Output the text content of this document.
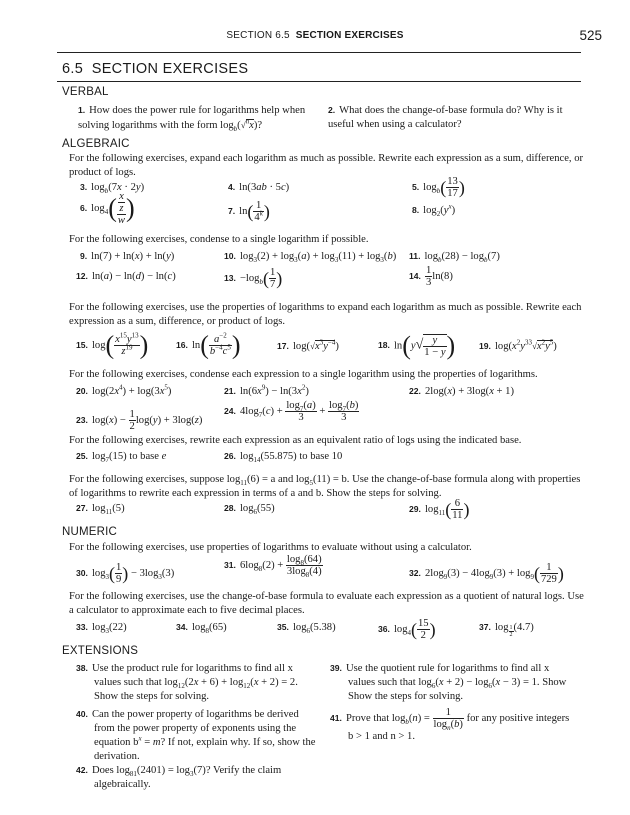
SECTION 6.5 SECTION EXERCISES	525
6.5 SECTION EXERCISES
VERBAL
1. How does the power rule for logarithms help when solving logarithms with the form $\log_b(√^nx)$?
2. What does the change-of-base formula do? Why is it useful when using a calculator?
ALGEBRAIC
For the following exercises, expand each logarithm as much as possible. Rewrite each expression as a sum, difference, or product of logs.
3. $\log_b(7x \cdot 2y)$	4. ln(3ab · 5c)	5. $\log_b( \frac{13}{17}$ )
6. $\log_4( \frac{\frac{x}{z}}{w}$ )	7. $\ln( \frac{1}{4^k}$ )	8. $\log_2(y^x)$
For the following exercises, condense to a single logarithm if possible.
9. ln(7) + ln(x) + ln(y)	10. $\log_3(2) + \log_3(a) + \log_3(11) + \log_3(b)$ 11. $\log_b(28) - \log_b(7)$
12. ln(a) − ln(d) − ln(c)	13. $-\log_b( \frac{1}{7}$ )	14. $\frac{1}{3} \ln(8)$
For the following exercises, use the properties of logarithms to expand each logarithm as much as possible. Rewrite each expression as a sum, difference, or product of logs.
15. $\log( \frac{x^{15}y^{13}}{z^{19}}$ )	16. $\ln( \frac{a^{-2}}{b^{-4}c^5}$ )	17. $\log(√x^3y^{-4})$	18. $\ln(y√ \frac{y}{1 - y}$ )	19. $\log(x^2y^{33}√x^2y^5)$
For the following exercises, condense each expression to a single logarithm using the properties of logarithms.
20. $\log(2x^4) + \log(3x^5)$	21. $\ln(6x^9) - \ln(3x^2)$	22. 2log(x) + 3log(x + 1)
23. $\log(x) - \frac{1}{2} \log(y) + 3\log(z)$
24. $4\log_7(c) + \frac{\log_7(a)}{3} + \frac{\log_7(b)}{3}$
For the following exercises, rewrite each expression as an equivalent ratio of logs using the indicated base.
25. $\log_7(15)$ to base e	26. $\log_{14}(55.875)$ to base 10
For the following exercises, suppose $\log_{11}(6) = a$ and $\log_5(11) = b$. Use the change-of-base formula along with properties of logarithms to rewrite each expression in terms of a and b. Show the steps for solving.
27. $\log_{11}(5)$	28. $\log_6(55)$	29. $\log_{11}( \frac{6}{11}$ )
NUMERIC
For the following exercises, use properties of logarithms to evaluate without using a calculator.
30. $\log_3( \frac{1}{9}$ ) − $3\log_3(3)$
31. $6\log_8(2) + \frac{\log_8(64)}{3\log_8(4)}$	32. $2\log_9(3) - 4\log_9(3) + \log_9( \frac{1}{729}$ )
For the following exercises, use the change-of-base formula to evaluate each expression as a quotient of natural logs. Use a calculator to approximate each to five decimal places.
33. $\log_3(22)$	34. $\log_8(65)$	35. $\log_6(5.38)$	36. $\log_4( \frac{15}{2}$ )	37. log $_{\frac{1}{2}}$ (4.7)
EXTENSIONS
38. Use the product rule for logarithms to find all x
values such that $\log_{12}(2x + 6) + \log_{12}(x + 2) = 2$.
Show the steps for solving.
39. Use the quotient rule for logarithms to find all x
values such that $\log_6(x + 2) - \log_6(x - 3) = 1$. Show
Show the steps for solving.
40. Can the power property of logarithms be derived
from the power property of exponents using the
equation $b^x = m$? If not, explain why. If so, show the
derivation.
41. Prove that $\log_b(n) = \frac{1}{\log_n(b)}$ for any positive integers
b > 1 and n > 1.
42. Does $\log_{81}(2401) = \log_3(7)$? Verify the claim
algebraically.
